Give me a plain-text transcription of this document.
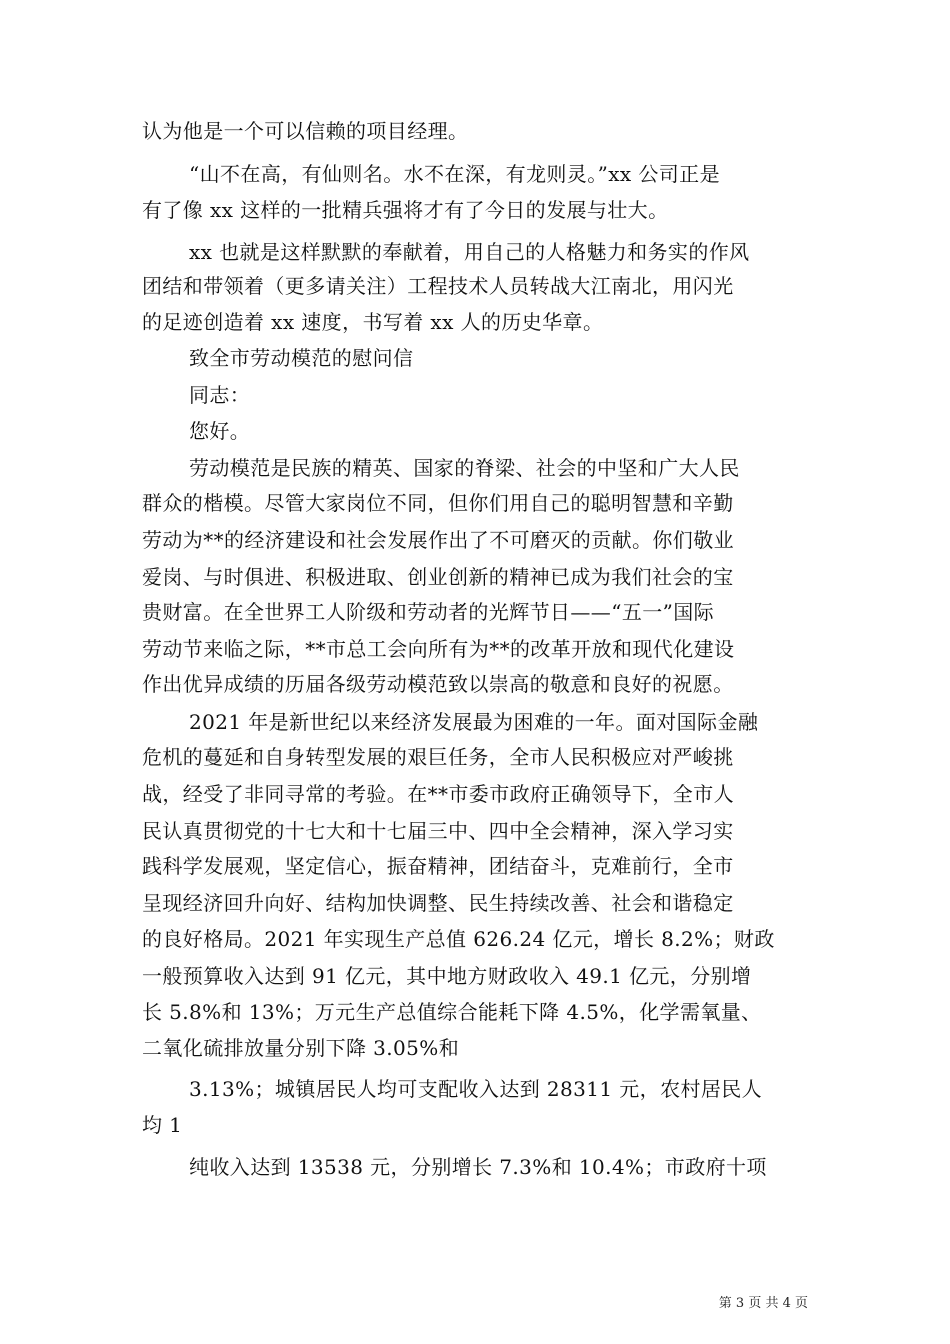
认为他是一个可以信赖的项目经理。
“山不在高，有仙则名。水不在深，有龙则灵。”xx 公司正是
有了像 xx 这样的一批精兵强将才有了今日的发展与壮大。
xx 也就是这样默默的奉献着，用自己的人格魅力和务实的作风
团结和带领着（更多请关注）工程技术人员转战大江南北，用闪光
的足迹创造着 xx 速度，书写着 xx 人的历史华章。
致全市劳动模范的慰问信
同志：
您好。
劳动模范是民族的精英、国家的脊梁、社会的中坚和广大人民
群众的楷模。尽管大家岗位不同，但你们用自己的聪明智慧和辛勤
劳动为**的经济建设和社会发展作出了不可磨灭的贡献。你们敬业
爱岗、与时俱进、积极进取、创业创新的精神已成为我们社会的宝
贵财富。在全世界工人阶级和劳动者的光辉节日——“五一”国际
劳动节来临之际，**市总工会向所有为**的改革开放和现代化建设
作出优异成绩的历届各级劳动模范致以崇高的敬意和良好的祝愿。
2021 年是新世纪以来经济发展最为困难的一年。面对国际金融
危机的蔓延和自身转型发展的艰巨任务，全市人民积极应对严峻挑
战，经受了非同寻常的考验。在**市委市政府正确领导下，全市人
民认真贯彻党的十七大和十七届三中、四中全会精神，深入学习实
践科学发展观，坚定信心，振奋精神，团结奋斗，克难前行，全市
呈现经济回升向好、结构加快调整、民生持续改善、社会和谐稳定
的良好格局。2021 年实现生产总值 626.24 亿元，增长 8.2%；财政
一般预算收入达到 91 亿元，其中地方财政收入 49.1 亿元，分别增
长 5.8%和 13%；万元生产总值综合能耗下降 4.5%，化学需氧量、
二氧化硫排放量分别下降 3.05%和
3.13%；城镇居民人均可支配收入达到 28311 元，农村居民人
均 1
纯收入达到 13538 元，分别增长 7.3%和 10.4%；市政府十项
第 3 页 共 4 页
